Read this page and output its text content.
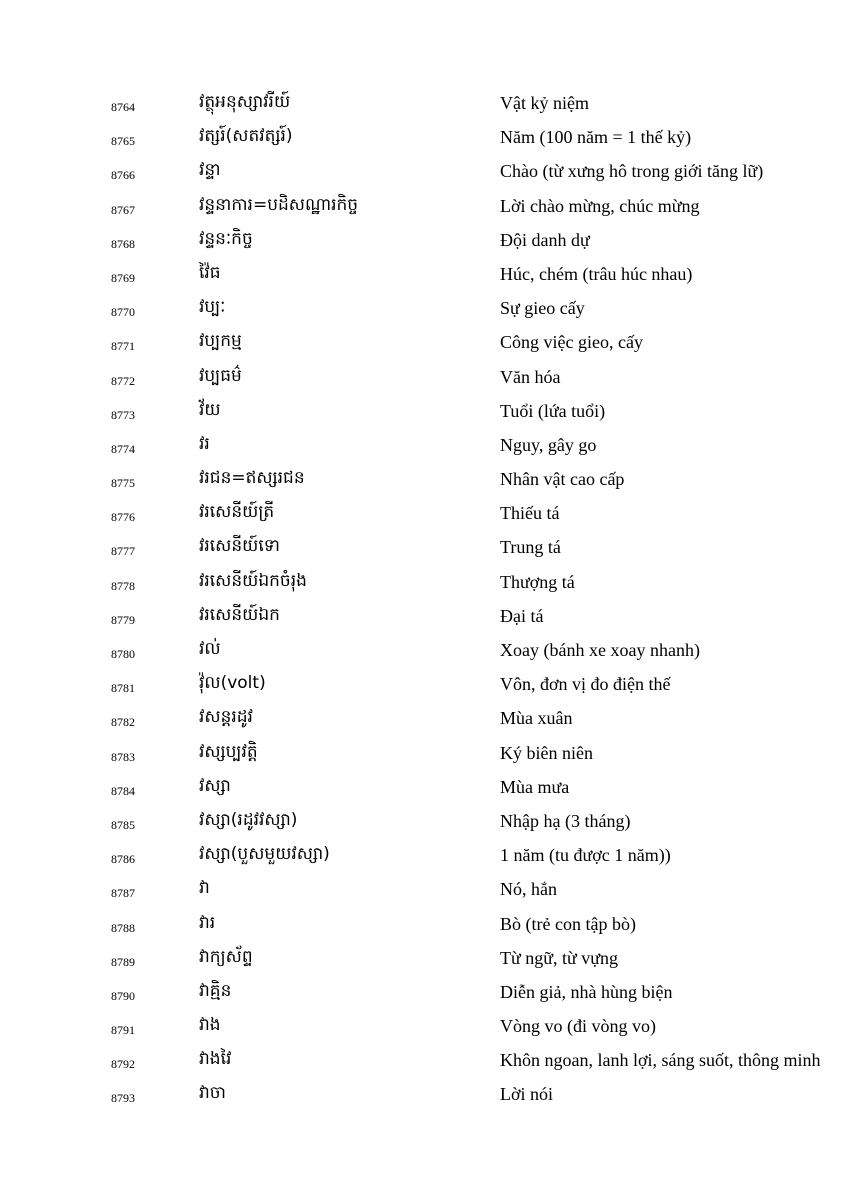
8764	វត្ថុអនុស្សាវរីយ៍	Vật kỷ niệm
8765	វត្សរ៍(សតវត្សរ៍)	Năm (100 năm = 1 thế kỷ)
8766	វន្ទា	Chào (từ xưng hô trong giới tăng lữ)
8767	វន្ទនាការ=បដិសណ្ឋារកិច្ច	Lời chào mừng, chúc mừng
8768	វន្ទនៈកិច្ច	Đội danh dự
8769	វ៉ៃធ	Húc, chém (trâu húc nhau)
8770	វប្បៈ	Sự gieo cấy
8771	វប្បកម្ម	Công việc gieo, cấy
8772	វប្បធម៌	Văn hóa
8773	វ័យ	Tuổi (lứa tuổi)
8774	វរ	Nguy, gây go
8775	វរជន=ឥស្សរជន	Nhân vật cao cấp
8776	វរសេនីយ៍ត្រី	Thiếu tá
8777	វរសេនីយ៍ទោ	Trung tá
8778	វរសេនីយ៍ឯកចំរុង	Thượng tá
8779	វរសេនីយ៍ឯក	Đại tá
8780	វល់	Xoay (bánh xe xoay nhanh)
8781	វ៉ុល(volt)	Vôn, đơn vị đo điện thế
8782	វសន្តរដូវ	Mùa xuân
8783	វស្សប្បវត្តិ	Ký biên niên
8784	វស្សា	Mùa mưa
8785	វស្សា(រដូវវស្សា)	Nhập hạ (3 tháng)
8786	វស្សា(បួសមួយវស្សា)	1 năm (tu được 1 năm))
8787	វា	Nó, hắn
8788	វារ	Bò (trẻ con tập bò)
8789	វាក្យស័ព្ទ	Từ ngữ, từ vựng
8790	វាគ្មិន	Diễn giả, nhà hùng biện
8791	វាង	Vòng vo (đi vòng vo)
8792	វាងវៃ	Khôn ngoan, lanh lợi, sáng suốt, thông minh
8793	វាចា	Lời nói
